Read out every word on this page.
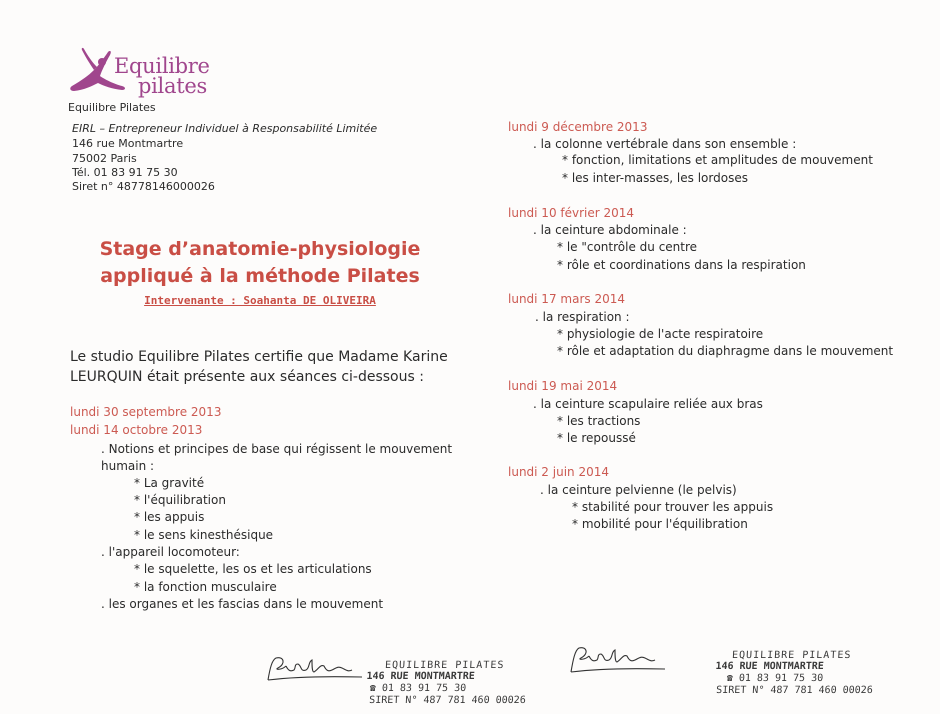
Equilibre
pilates
Equilibre Pilates
EIRL – Entrepreneur Individuel à Responsabilité Limitée
146 rue Montmartre
75002 Paris
Tél. 01 83 91 75 30
Siret n° 48778146000026
Stage d’anatomie-physiologie
appliqué à la méthode Pilates
Intervenante : Soahanta DE OLIVEIRA
Le studio Equilibre Pilates certifie que Madame Karine
LEURQUIN était présente aux séances ci-dessous :
lundi 30 septembre 2013
lundi 14 octobre 2013
. Notions et principes de base qui régissent le mouvement
humain :
* La gravité
* l'équilibration
* les appuis
* le sens kinesthésique
. l'appareil locomoteur:
* le squelette, les os et les articulations
* la fonction musculaire
. les organes et les fascias dans le mouvement
lundi 9 décembre 2013
. la colonne vertébrale dans son ensemble :
* fonction, limitations et amplitudes de mouvement
* les inter-masses, les lordoses
lundi 10 février 2014
. la ceinture abdominale :
* le "contrôle du centre
* rôle et coordinations dans la respiration
lundi 17 mars 2014
. la respiration :
* physiologie de l'acte respiratoire
* rôle et adaptation du diaphragme dans le mouvement
lundi 19 mai 2014
. la ceinture scapulaire reliée aux bras
* les tractions
* le repoussé
lundi 2 juin 2014
. la ceinture pelvienne (le pelvis)
* stabilité pour trouver les appuis
* mobilité pour l'équilibration
EQUILIBRE PILATES
146 RUE MONTMARTRE
☎ 01 83 91 75 30
SIRET N° 487 781 460 00026
EQUILIBRE PILATES
146 RUE MONTMARTRE
☎ 01 83 91 75 30
SIRET N° 487 781 460 00026
